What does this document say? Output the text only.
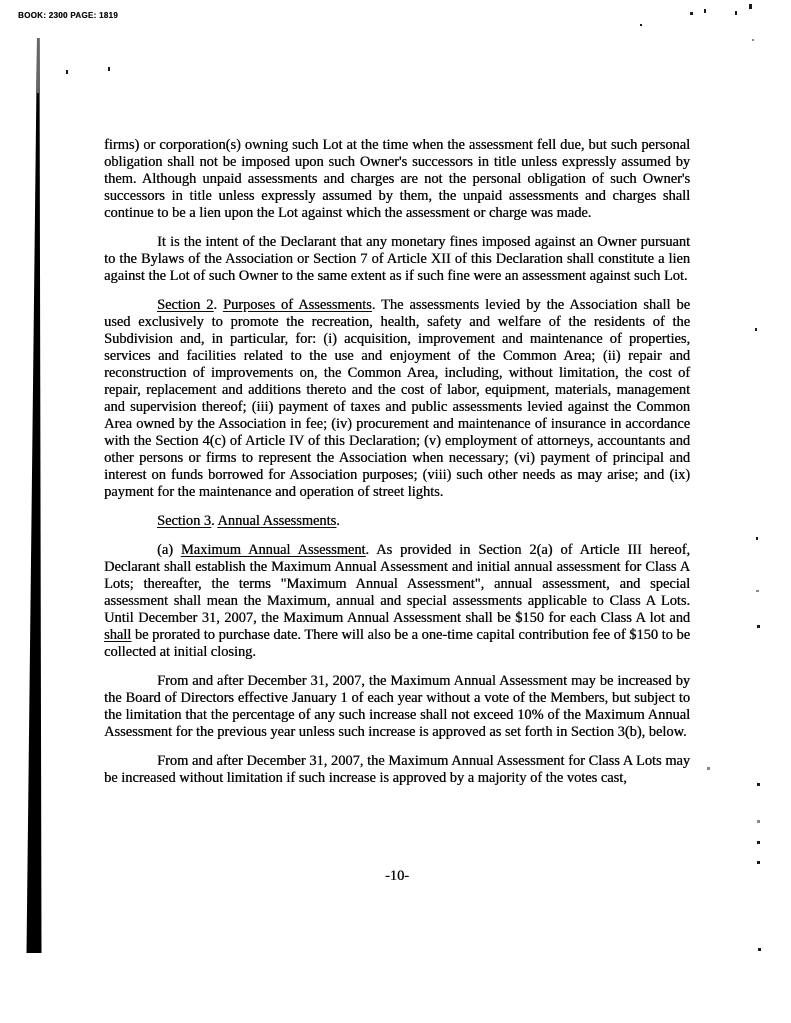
BOOK: 2300 PAGE: 1819

firms) or corporation(s) owning such Lot at the time when the assessment fell due, but such personal obligation shall not be imposed upon such Owner's successors in title unless expressly assumed by them. Although unpaid assessments and charges are not the personal obligation of such Owner's successors in title unless expressly assumed by them, the unpaid assessments and charges shall continue to be a lien upon the Lot against which the assessment or charge was made.

It is the intent of the Declarant that any monetary fines imposed against an Owner pursuant to the Bylaws of the Association or Section 7 of Article XII of this Declaration shall constitute a lien against the Lot of such Owner to the same extent as if such fine were an assessment against such Lot.

Section 2. Purposes of Assessments. The assessments levied by the Association shall be used exclusively to promote the recreation, health, safety and welfare of the residents of the Subdivision and, in particular, for: (i) acquisition, improvement and maintenance of properties, services and facilities related to the use and enjoyment of the Common Area; (ii) repair and reconstruction of improvements on, the Common Area, including, without limitation, the cost of repair, replacement and additions thereto and the cost of labor, equipment, materials, management and supervision thereof; (iii) payment of taxes and public assessments levied against the Common Area owned by the Association in fee; (iv) procurement and maintenance of insurance in accordance with the Section 4(c) of Article IV of this Declaration; (v) employment of attorneys, accountants and other persons or firms to represent the Association when necessary; (vi) payment of principal and interest on funds borrowed for Association purposes; (viii) such other needs as may arise; and (ix) payment for the maintenance and operation of street lights.

Section 3. Annual Assessments.

(a) Maximum Annual Assessment. As provided in Section 2(a) of Article III hereof, Declarant shall establish the Maximum Annual Assessment and initial annual assessment for Class A Lots; thereafter, the terms "Maximum Annual Assessment", annual assessment, and special assessment shall mean the Maximum, annual and special assessments applicable to Class A Lots. Until December 31, 2007, the Maximum Annual Assessment shall be $150 for each Class A lot and shall be prorated to purchase date. There will also be a one-time capital contribution fee of $150 to be collected at initial closing.

From and after December 31, 2007, the Maximum Annual Assessment may be increased by the Board of Directors effective January 1 of each year without a vote of the Members, but subject to the limitation that the percentage of any such increase shall not exceed 10% of the Maximum Annual Assessment for the previous year unless such increase is approved as set forth in Section 3(b), below.

From and after December 31, 2007, the Maximum Annual Assessment for Class A Lots may be increased without limitation if such increase is approved by a majority of the votes cast,

-10-
